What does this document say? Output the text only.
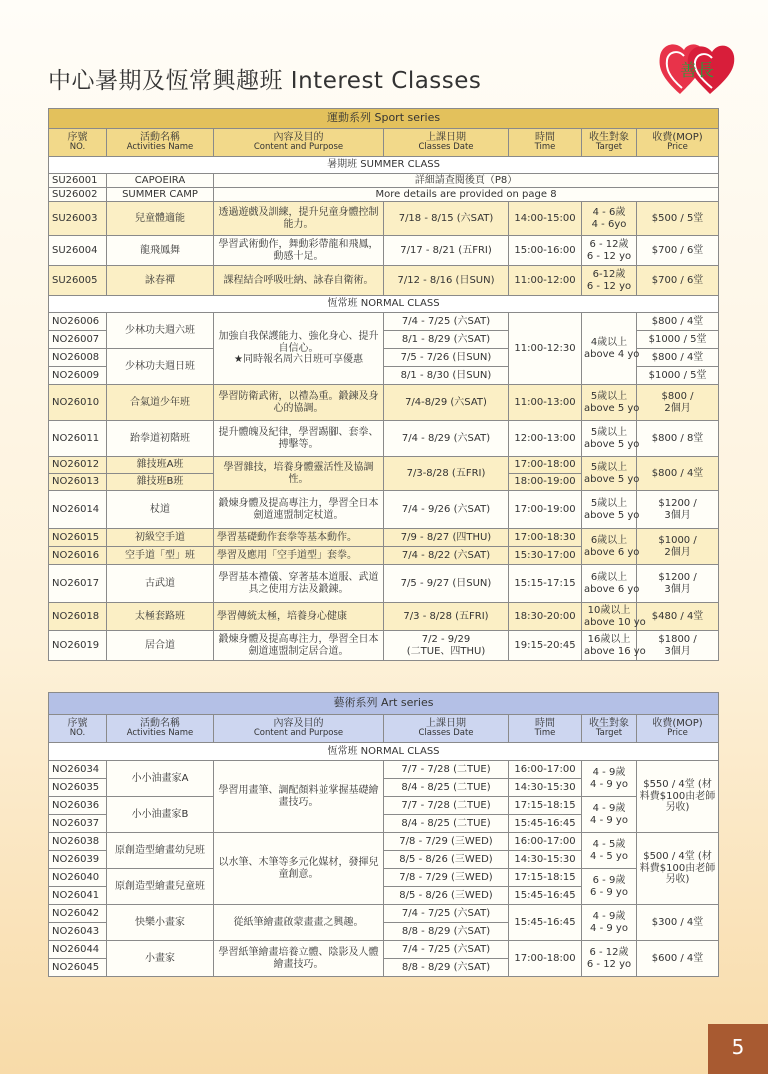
中心暑期及恆常興趣班 Interest Classes	善長
運動系列 Sport series						
序號
NO.	活動名稱
Activities Name	內容及目的
Content and Purpose	上課日期
Classes Date	時間
Time	收生對象
Target	收費(MOP)
Price

暑期班 SUMMER CLASS						
SU26001	CAPOEIRA	詳細請查閱後頁（P8）				
SU26002	SUMMER CAMP	More details are provided on page 8				
SU26003	兒童體適能	透過遊戲及訓練，提升兒童身體控制能力。	7/18 - 8/15 (六SAT)	14:00-15:00	4 - 6歲
4 - 6yo	$500 / 5堂
SU26004	龍飛鳳舞	學習武術動作，舞動彩帶龍和飛鳳，動感十足。	7/17 - 8/21 (五FRI)	15:00-16:00	6 - 12歲
6 - 12 yo	$700 / 6堂
SU26005	詠春禪	課程結合呼吸吐納、詠春自衛術。	7/12 - 8/16 (日SUN)	11:00-12:00	6-12歲
6 - 12 yo	$700 / 6堂
恆常班 NORMAL CLASS						
NO26006	少林功夫週六班	加強自我保護能力、強化身心、提升自信心。
★同時報名周六日班可享優惠	7/4 - 7/25 (六SAT)	11:00-12:30	4歲以上
above 4 yo	$800 / 4堂
NO26007			8/1 - 8/29 (六SAT)			$1000 / 5堂
NO26008	少林功夫週日班		7/5 - 7/26 (日SUN)			$800 / 4堂
NO26009			8/1 - 8/30 (日SUN)			$1000 / 5堂
NO26010	合氣道少年班	學習防衛武術，以禮為重。鍛鍊及身心的協調。	7/4-8/29 (六SAT)	11:00-13:00	5歲以上
above 5 yo	$800 /
2個月
NO26011	跆拳道初階班	提升體魄及紀律，學習踢腳、套拳、搏擊等。	7/4 - 8/29 (六SAT)	12:00-13:00	5歲以上
above 5 yo	$800 / 8堂
NO26012	雜技班A班	學習雜技，培養身體靈活性及協調性。	7/3-8/28 (五FRI)	17:00-18:00	5歲以上
above 5 yo	$800 / 4堂
NO26013	雜技班B班			18:00-19:00		
NO26014	杖道	鍛煉身體及提高專注力，學習全日本劍道連盟制定杖道。	7/4 - 9/26 (六SAT)	17:00-19:00	5歲以上
above 5 yo	$1200 /
3個月
NO26015	初級空手道	學習基礎動作套拳等基本動作。	7/9 - 8/27 (四THU)	17:00-18:30	6歲以上
above 6 yo	$1000 /
2個月
NO26016	空手道「型」班	學習及應用「空手道型」套拳。	7/4 - 8/22 (六SAT)	15:30-17:00		
NO26017	古武道	學習基本禮儀、穿著基本道服、武道具之使用方法及鍛錬。	7/5 - 9/27 (日SUN)	15:15-17:15	6歲以上
above 6 yo	$1200 /
3個月
NO26018	太極套路班	學習傳統太極，培養身心健康	7/3 - 8/28 (五FRI)	18:30-20:00	10歲以上
above 10 yo	$480 / 4堂
NO26019	居合道	鍛煉身體及提高專注力，學習全日本劍道連盟制定居合道。	7/2 - 9/29
(二TUE、四THU)	19:15-20:45	16歲以上
above 16 yo	$1800 /
3個月
藝術系列 Art series						
序號
NO.	活動名稱
Activities Name	內容及目的
Content and Purpose	上課日期
Classes Date	時間
Time	收生對象
Target	收費(MOP)
Price

恆常班 NORMAL CLASS						
NO26034	小小油畫家A	學習用畫筆、調配顏料並掌握基礎繪畫技巧。	7/7 - 7/28 (二TUE)	16:00-17:00	4 - 9歲
4 - 9 yo	$550 / 4堂 (材料費$100由老師另收)
NO26035			8/4 - 8/25 (二TUE)	14:30-15:30		
NO26036	小小油畫家B		7/7 - 7/28 (二TUE)	17:15-18:15	4 - 9歲
4 - 9 yo	
NO26037			8/4 - 8/25 (二TUE)	15:45-16:45		
NO26038	原創造型繪畫幼兒班	以水筆、木筆等多元化媒材，發揮兒童創意。	7/8 - 7/29 (三WED)	16:00-17:00	4 - 5歲
4 - 5 yo	$500 / 4堂 (材料費$100由老師另收)
NO26039			8/5 - 8/26 (三WED)	14:30-15:30		
NO26040	原創造型繪畫兒童班		7/8 - 7/29 (三WED)	17:15-18:15	6 - 9歲
6 - 9 yo	
NO26041			8/5 - 8/26 (三WED)	15:45-16:45		
NO26042	快樂小畫家	從紙筆繪畫啟蒙畫畫之興趣。	7/4 - 7/25 (六SAT)	15:45-16:45	4 - 9歲
4 - 9 yo	$300 / 4堂
NO26043			8/8 - 8/29 (六SAT)			
NO26044	小畫家	學習紙筆繪畫培養立體、陰影及人體繪畫技巧。	7/4 - 7/25 (六SAT)	17:00-18:00	6 - 12歲
6 - 12 yo	$600 / 4堂
NO26045			8/8 - 8/29 (六SAT)			
5
